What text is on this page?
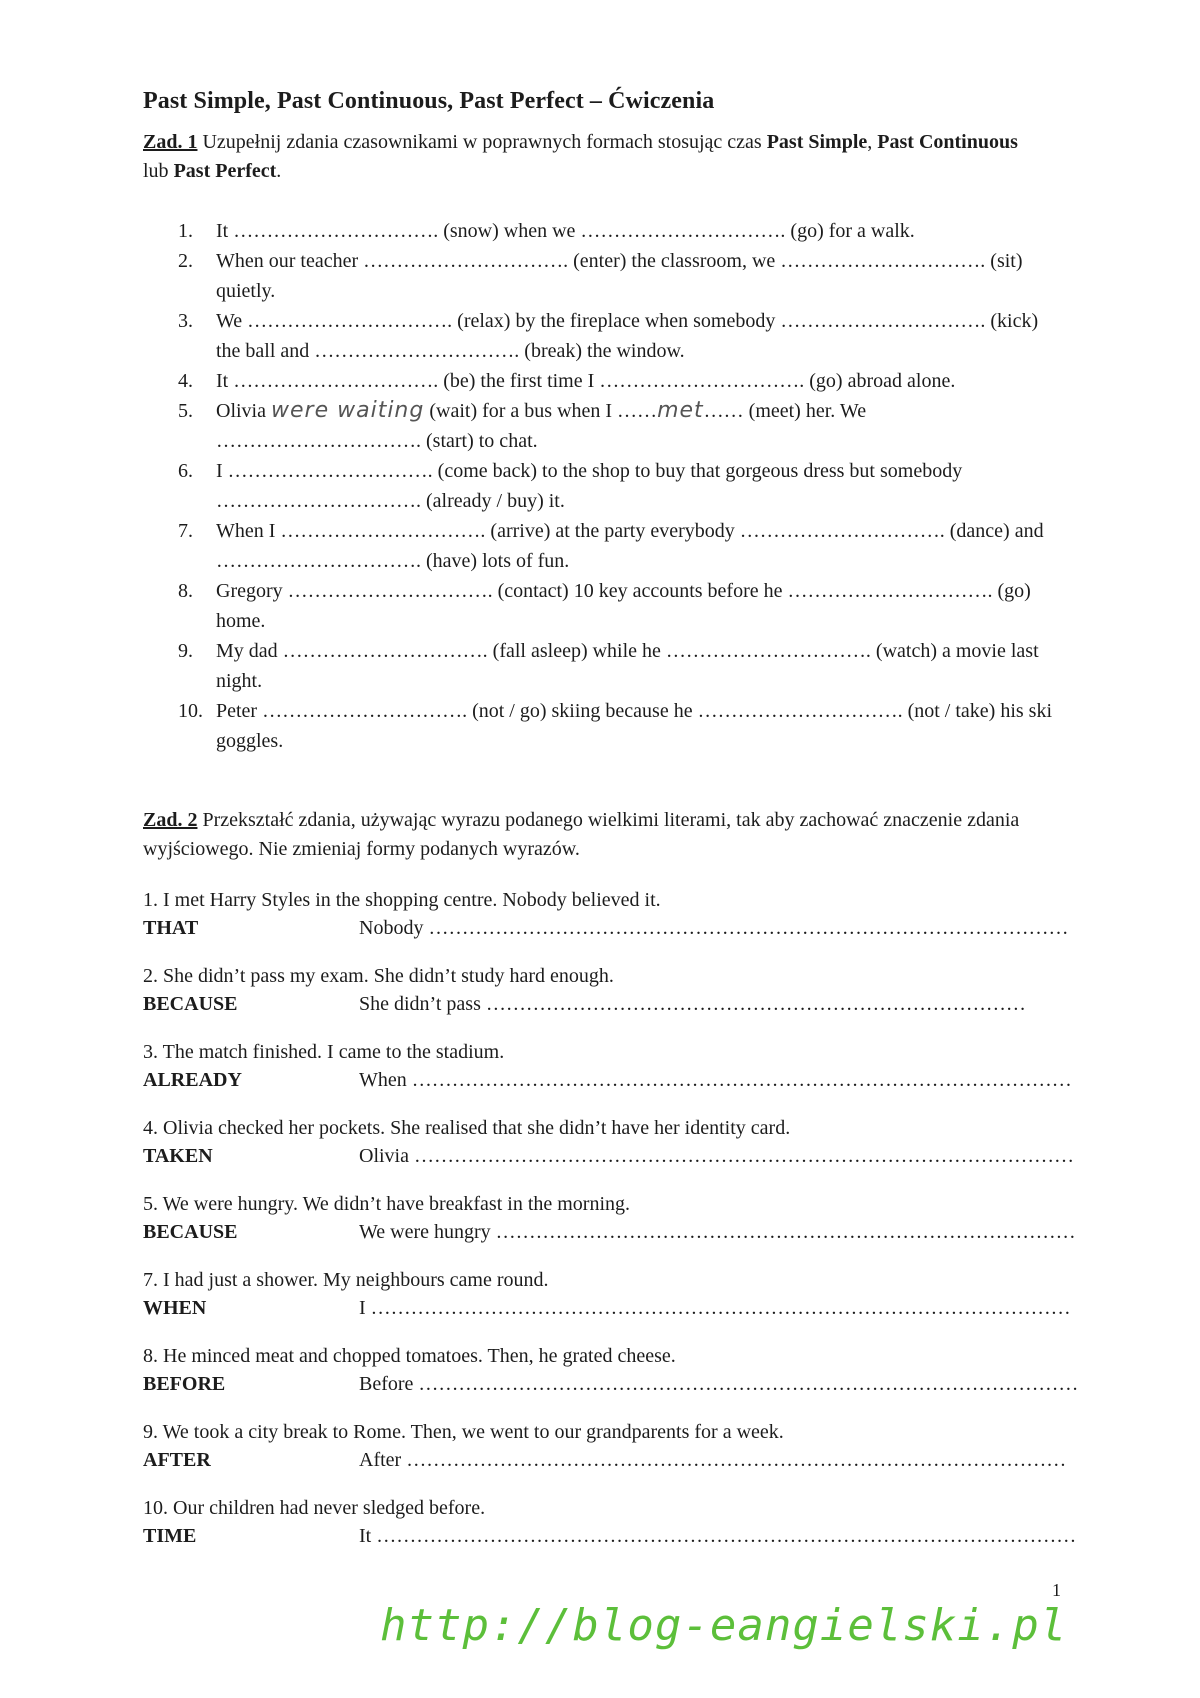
Past Simple, Past Continuous, Past Perfect – Ćwiczenia
Zad. 1 Uzupełnij zdania czasownikami w poprawnych formach stosując czas Past Simple, Past Continuous lub Past Perfect.
1.	It …………………………. (snow) when we …………………………. (go) for a walk.
2.	When our teacher …………………………. (enter) the classroom, we …………………………. (sit) quietly.
3.	We …………………………. (relax) by the fireplace when somebody …………………………. (kick) the ball and …………………………. (break) the window.
4.	It …………………………. (be) the first time I …………………………. (go) abroad alone.
5.	Olivia were waiting (wait) for a bus when I ……met…… (meet) her. We …………………………. (start) to chat.
6.	I …………………………. (come back) to the shop to buy that gorgeous dress but somebody …………………………. (already / buy) it.
7.	When I …………………………. (arrive) at the party everybody …………………………. (dance) and …………………………. (have) lots of fun.
8.	Gregory …………………………. (contact) 10 key accounts before he …………………………. (go) home.
9.	My dad …………………………. (fall asleep) while he …………………………. (watch) a movie last night.
10. Peter …………………………. (not / go) skiing because he …………………………. (not / take) his ski goggles.
Zad. 2 Przekształć zdania, używając wyrazu podanego wielkimi literami, tak aby zachować znaczenie zdania wyjściowego. Nie zmieniaj formy podanych wyrazów.
1. I met Harry Styles in the shopping centre. Nobody believed it.
THAT	Nobody ……………………………………………………………………………………
2. She didn’t pass my exam. She didn’t study hard enough.
BECAUSE	She didn’t pass ………………………………………………………………………
3. The match finished. I came to the stadium.
ALREADY	When ………………………………………………………………………………………
4. Olivia checked her pockets. She realised that she didn’t have her identity card.
TAKEN	Olivia ………………………………………………………………………………………
5. We were hungry. We didn’t have breakfast in the morning.
BECAUSE	We were hungry ……………………………………………………………………………
7. I had just a shower. My neighbours came round.
WHEN	I ……………………………………………………………………………………………
8. He minced meat and chopped tomatoes. Then, he grated cheese.
BEFORE	Before ………………………………………………………………………………………
9. We took a city break to Rome. Then, we went to our grandparents for a week.
AFTER	After ………………………………………………………………………………………
10. Our children had never sledged before.
TIME	It ……………………………………………………………………………………………
1
http://blog-eangielski.pl
